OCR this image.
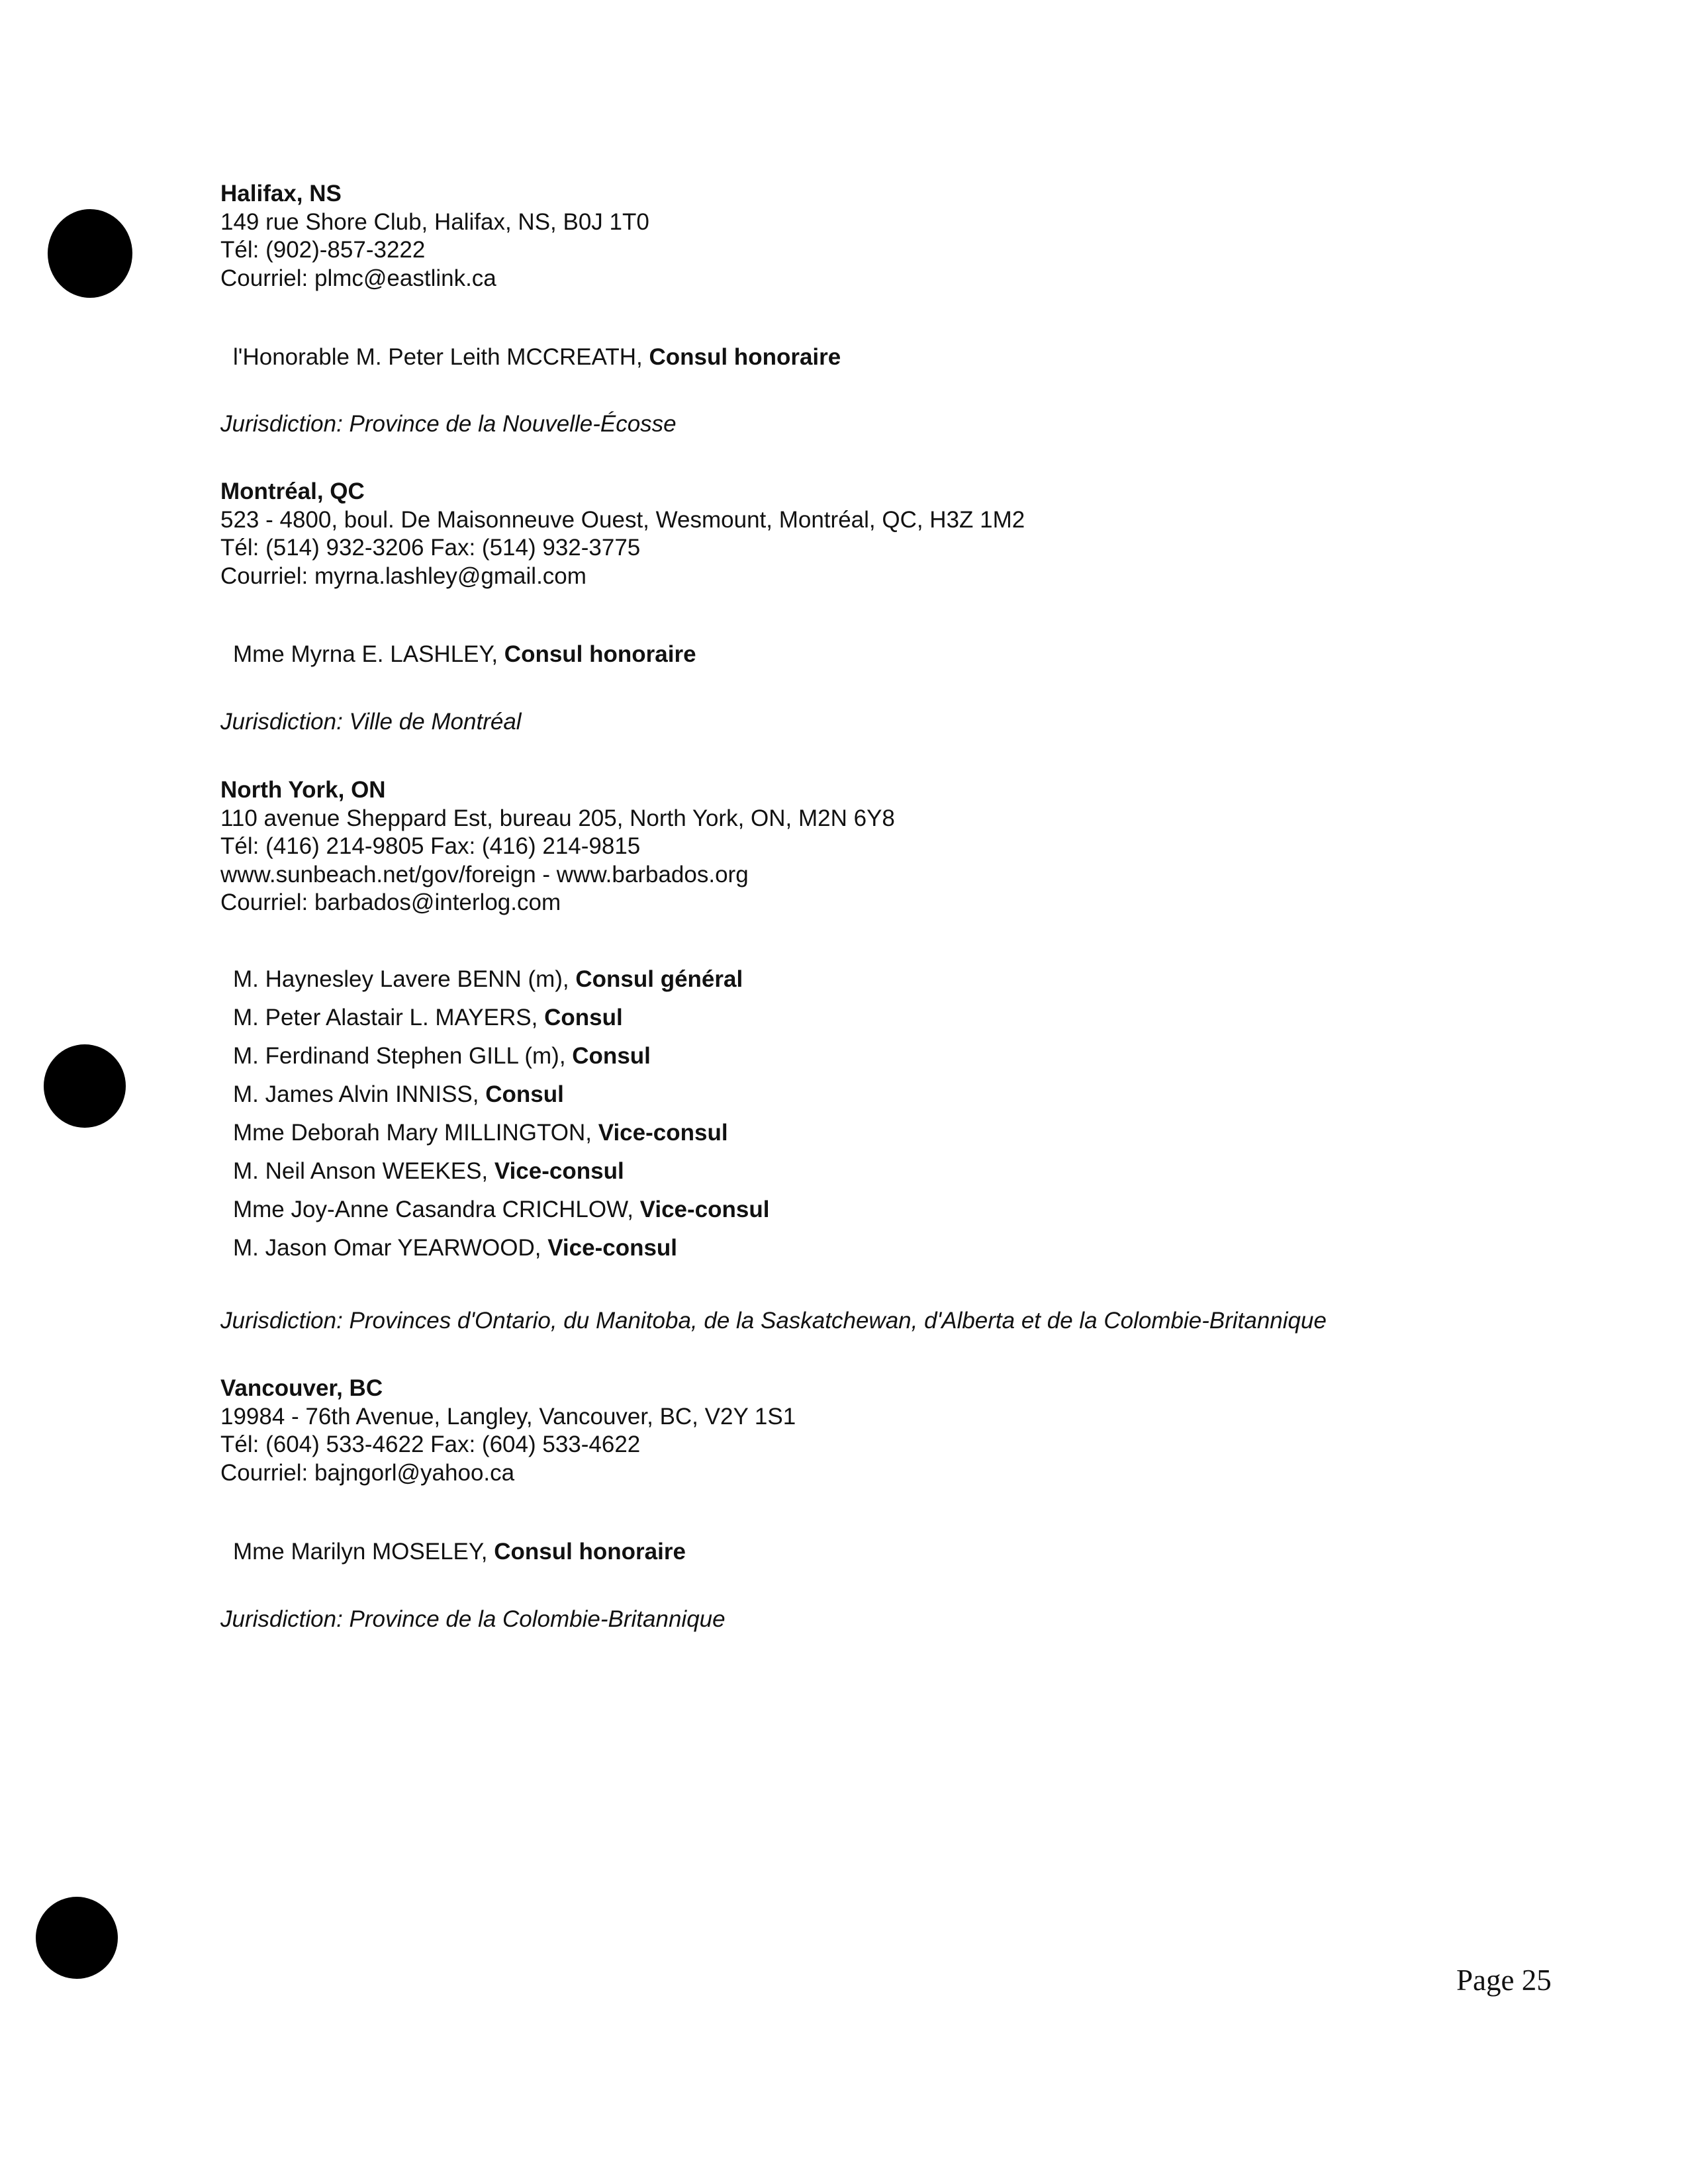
Halifax, NS
149 rue Shore Club, Halifax, NS, B0J 1T0
Tél: (902)-857-3222
Courriel: plmc@eastlink.ca
l'Honorable M. Peter Leith MCCREATH, Consul honoraire
Jurisdiction: Province de la Nouvelle-Écosse
Montréal, QC
523 - 4800, boul. De Maisonneuve Ouest, Wesmount, Montréal, QC, H3Z 1M2
Tél: (514) 932-3206 Fax: (514) 932-3775
Courriel: myrna.lashley@gmail.com
Mme Myrna E. LASHLEY, Consul honoraire
Jurisdiction: Ville de Montréal
North York, ON
110 avenue Sheppard Est, bureau 205, North York, ON, M2N 6Y8
Tél: (416) 214-9805 Fax: (416) 214-9815
www.sunbeach.net/gov/foreign - www.barbados.org
Courriel: barbados@interlog.com
M. Haynesley Lavere BENN (m), Consul général
M. Peter Alastair L. MAYERS, Consul
M. Ferdinand Stephen GILL (m), Consul
M. James Alvin INNISS, Consul
Mme Deborah Mary MILLINGTON, Vice-consul
M. Neil Anson WEEKES, Vice-consul
Mme Joy-Anne Casandra CRICHLOW, Vice-consul
M. Jason Omar YEARWOOD, Vice-consul
Jurisdiction: Provinces d'Ontario, du Manitoba, de la Saskatchewan, d'Alberta et de la Colombie-Britannique
Vancouver, BC
19984 - 76th Avenue, Langley, Vancouver, BC, V2Y 1S1
Tél: (604) 533-4622 Fax: (604) 533-4622
Courriel: bajngorl@yahoo.ca
Mme Marilyn MOSELEY, Consul honoraire
Jurisdiction: Province de la Colombie-Britannique
Page 25
